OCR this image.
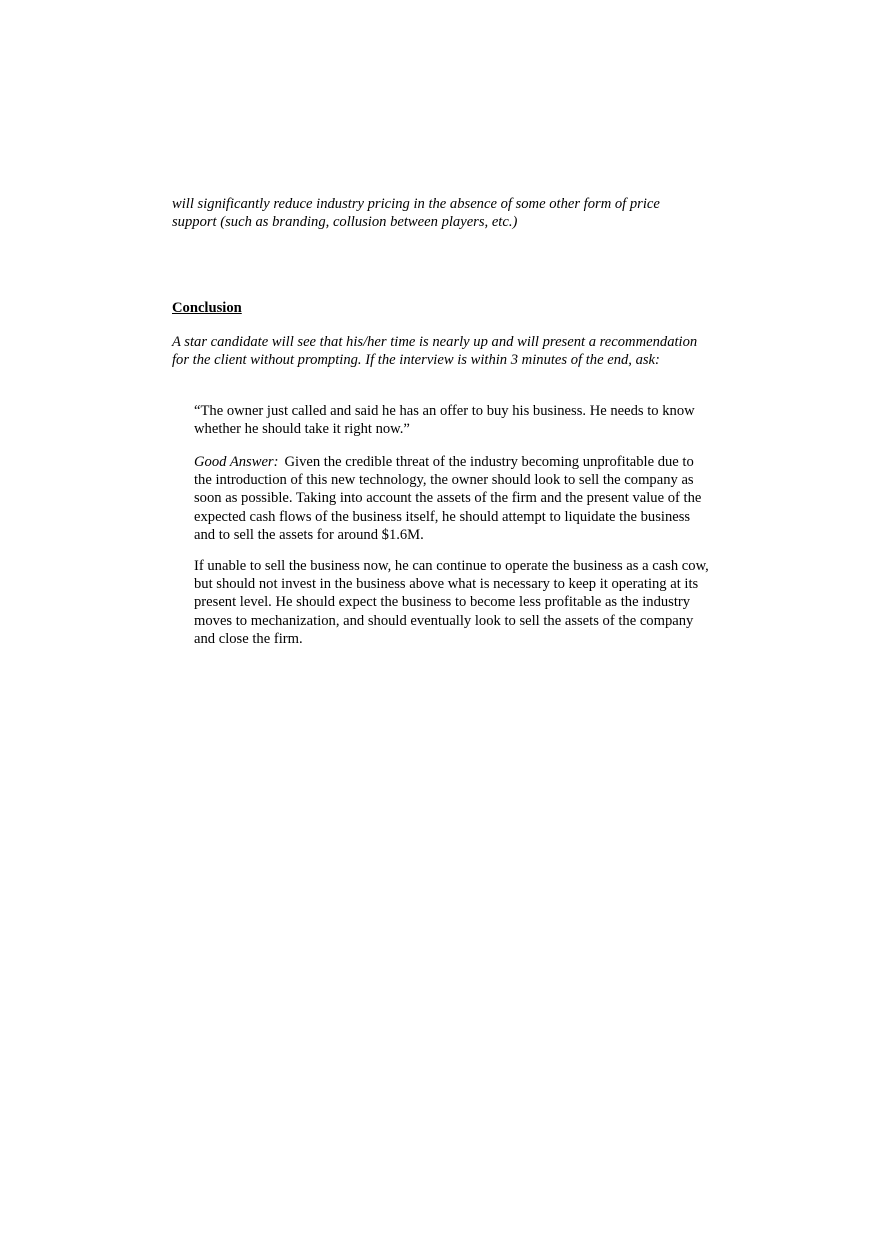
will significantly reduce industry pricing in the absence of some other form of price support (such as branding, collusion between players, etc.)

Conclusion

A star candidate will see that his/her time is nearly up and will present a recommendation for the client without prompting. If the interview is within 3 minutes of the end, ask:

“The owner just called and said he has an offer to buy his business. He needs to know whether he should take it right now.”

Good Answer: Given the credible threat of the industry becoming unprofitable due to the introduction of this new technology, the owner should look to sell the company as soon as possible. Taking into account the assets of the firm and the present value of the expected cash flows of the business itself, he should attempt to liquidate the business and to sell the assets for around $1.6M.

If unable to sell the business now, he can continue to operate the business as a cash cow, but should not invest in the business above what is necessary to keep it operating at its present level. He should expect the business to become less profitable as the industry moves to mechanization, and should eventually look to sell the assets of the company and close the firm.
